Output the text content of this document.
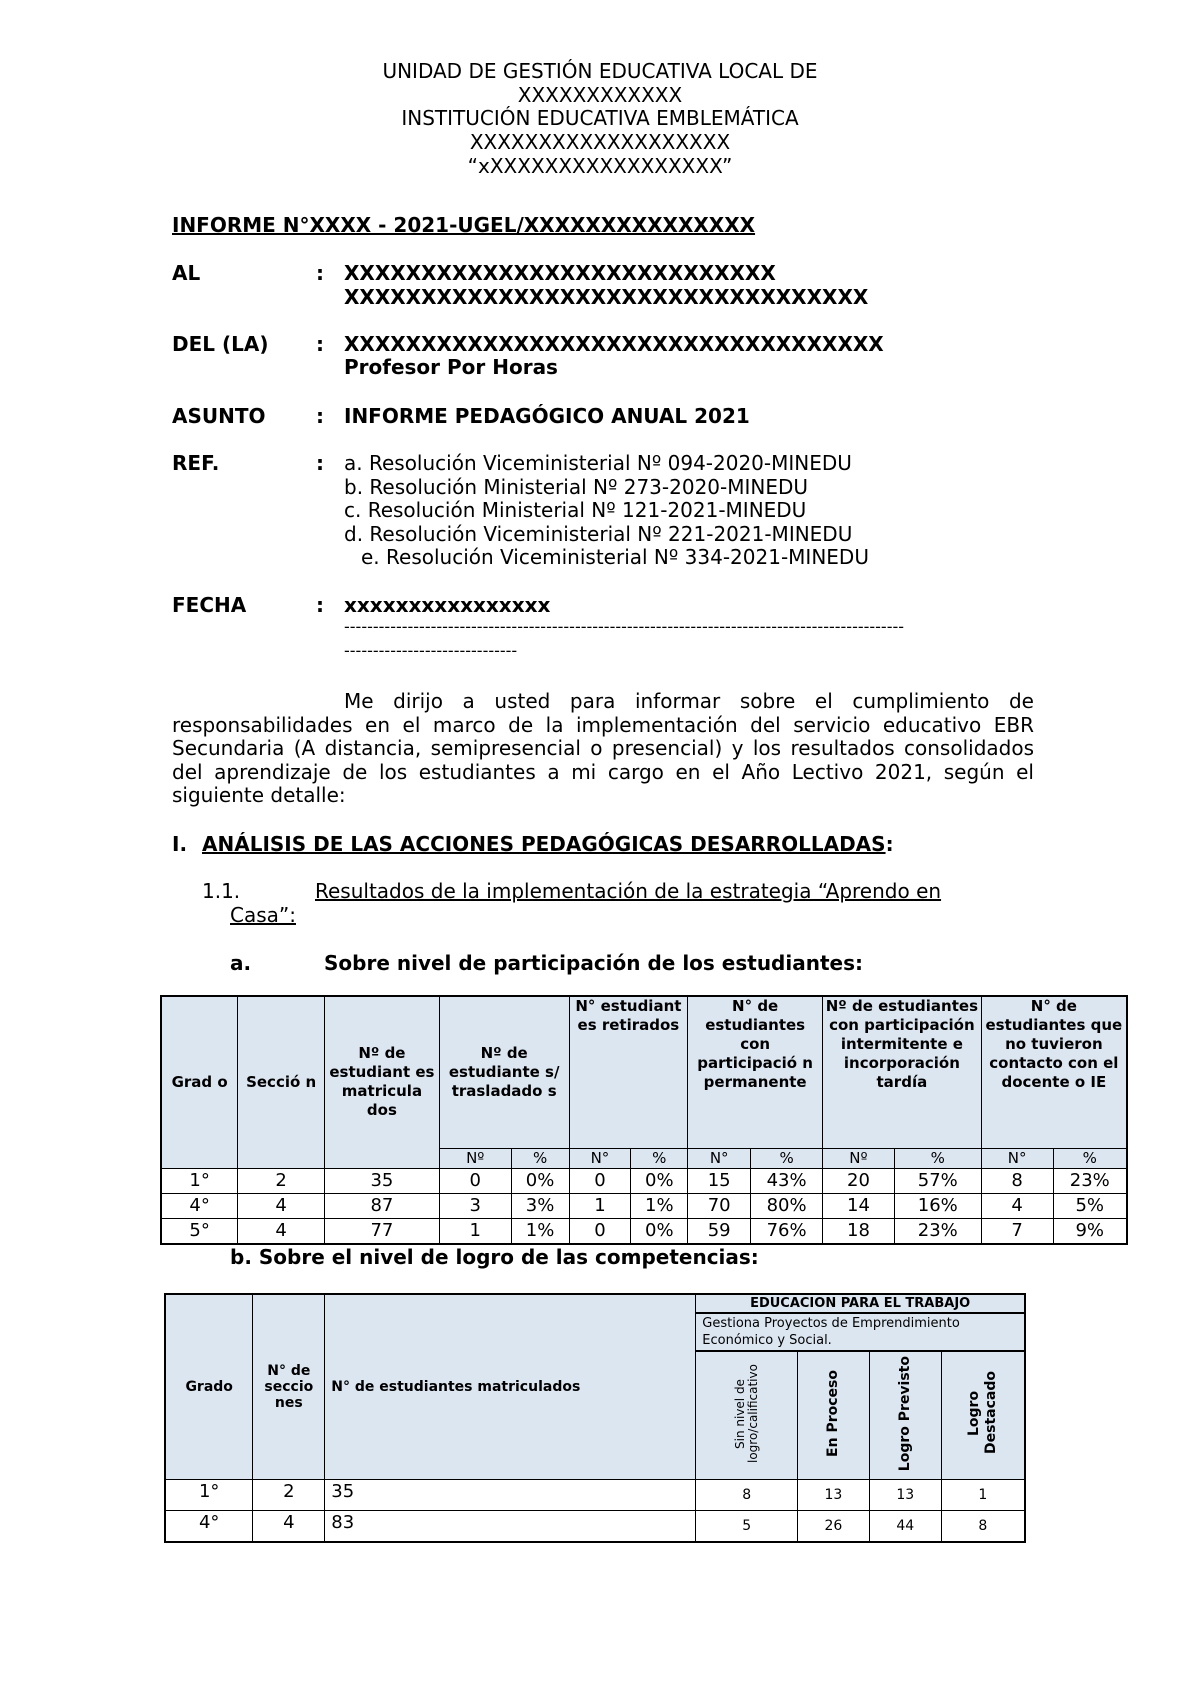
UNIDAD DE GESTIÓN EDUCATIVA LOCAL DE
XXXXXXXXXXXX
INSTITUCIÓN EDUCATIVA EMBLEMÁTICA
XXXXXXXXXXXXXXXXXXX
“xXXXXXXXXXXXXXXXXX”
INFORME N°XXXX - 2021-UGEL/XXXXXXXXXXXXXXX
AL	: XXXXXXXXXXXXXXXXXXXXXXXXXXXX
XXXXXXXXXXXXXXXXXXXXXXXXXXXXXXXXXX
DEL (LA) : XXXXXXXXXXXXXXXXXXXXXXXXXXXXXXXXXXX
Profesor Por Horas
ASUNTO	: INFORME PEDAGÓGICO ANUAL 2021
REF.	: a. Resolución Viceministerial Nº 094-2020-MINEDU
b. Resolución Ministerial Nº 273-2020-MINEDU
c. Resolución Ministerial Nº 121-2021-MINEDU
d. Resolución Viceministerial Nº 221-2021-MINEDU
e. Resolución Viceministerial Nº 334-2021-MINEDU
FECHA	: xxxxxxxxxxxxxxxx
-------------------------------------------------------------------------------------------------
------------------------------
Me dirijo a usted para informar sobre el cumplimiento de responsabilidades en el marco de la implementación del servicio educativo EBR Secundaria (A distancia, semipresencial o presencial) y los resultados consolidados del aprendizaje de los estudiantes a mi cargo en el Año Lectivo 2021, según el siguiente detalle:
I. ANÁLISIS DE LAS ACCIONES PEDAGÓGICAS DESARROLLADAS:
1.1.	Resultados de la implementación de la estrategia “Aprendo en
Casa”:
a.	Sobre nivel de participación de los estudiantes:
Grad o	Secció n	Nº de estudiant es matricula dos	Nº de estudiante s/ trasladado s		N° estudiant es retirados		N° de estudiantes con participació n permanente		Nº de estudiantes con participación intermitente e incorporación tardía		N° de estudiantes que no tuvieron contacto con el docente o IE	
			Nº	%	N°	%	N°	%	Nº	%	N°	%
1°	2	35	0	0%	0	0%	15	43%	20	57%	8	23%
4°	4	87	3	3%	1	1%	70	80%	14	16%	4	5%
5°	4	77	1	1%	0	0%	59	76%	18	23%	7	9%
b. Sobre el nivel de logro de las competencias:
Grado	N° de seccio nes	N° de estudiantes matriculados	EDUCACION PARA EL TRABAJO			
			Gestiona Proyectos de Emprendimiento Económico y Social.			
			Sin nivel de logro/calificativo	En Proceso	Logro Previsto	Logro Destacado
1°	2	35	8	13	13	1
4°	4	83	5	26	44	8
